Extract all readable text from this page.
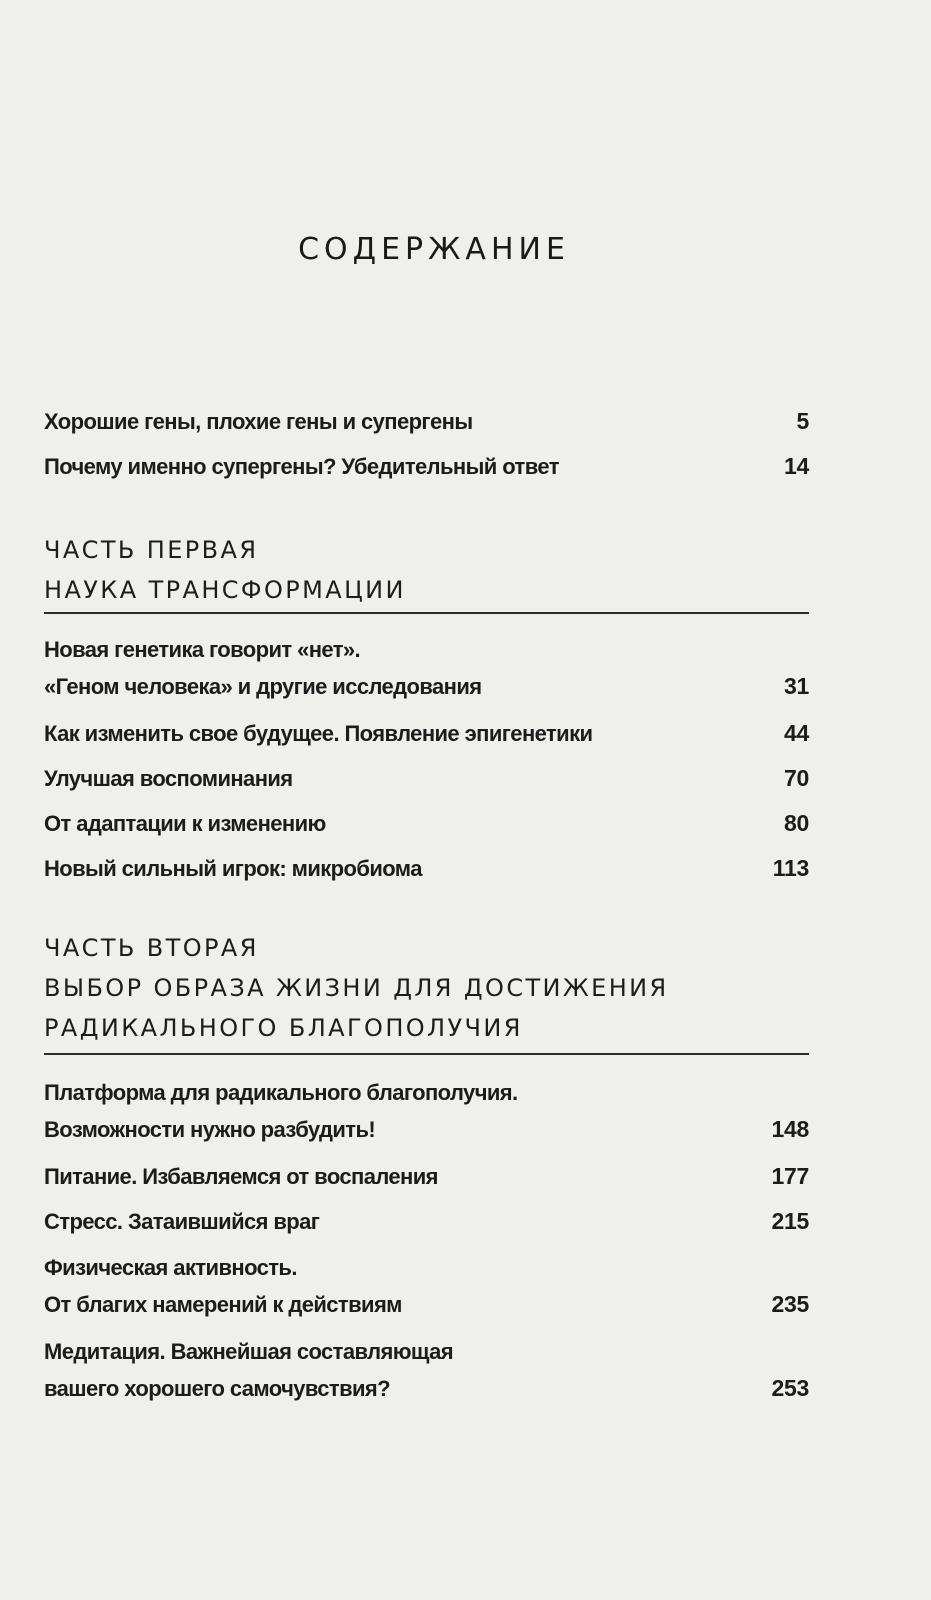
СОДЕРЖАНИЕ
Хорошие гены, плохие гены и супергены	5
Почему именно супергены? Убедительный ответ	14
ЧАСТЬ ПЕРВАЯ
НАУКА ТРАНСФОРМАЦИИ
Новая генетика говорит «нет».
«Геном человека» и другие исследования	31
Как изменить свое будущее. Появление эпигенетики	44
Улучшая воспоминания	70
От адаптации к изменению	80
Новый сильный игрок: микробиома	113
ЧАСТЬ ВТОРАЯ
ВЫБОР ОБРАЗА ЖИЗНИ ДЛЯ ДОСТИЖЕНИЯ
РАДИКАЛЬНОГО БЛАГОПОЛУЧИЯ
Платформа для радикального благополучия.
Возможности нужно разбудить!	148
Питание. Избавляемся от воспаления	177
Стресс. Затаившийся враг	215
Физическая активность.
От благих намерений к действиям	235
Медитация. Важнейшая составляющая
вашего хорошего самочувствия?	253
